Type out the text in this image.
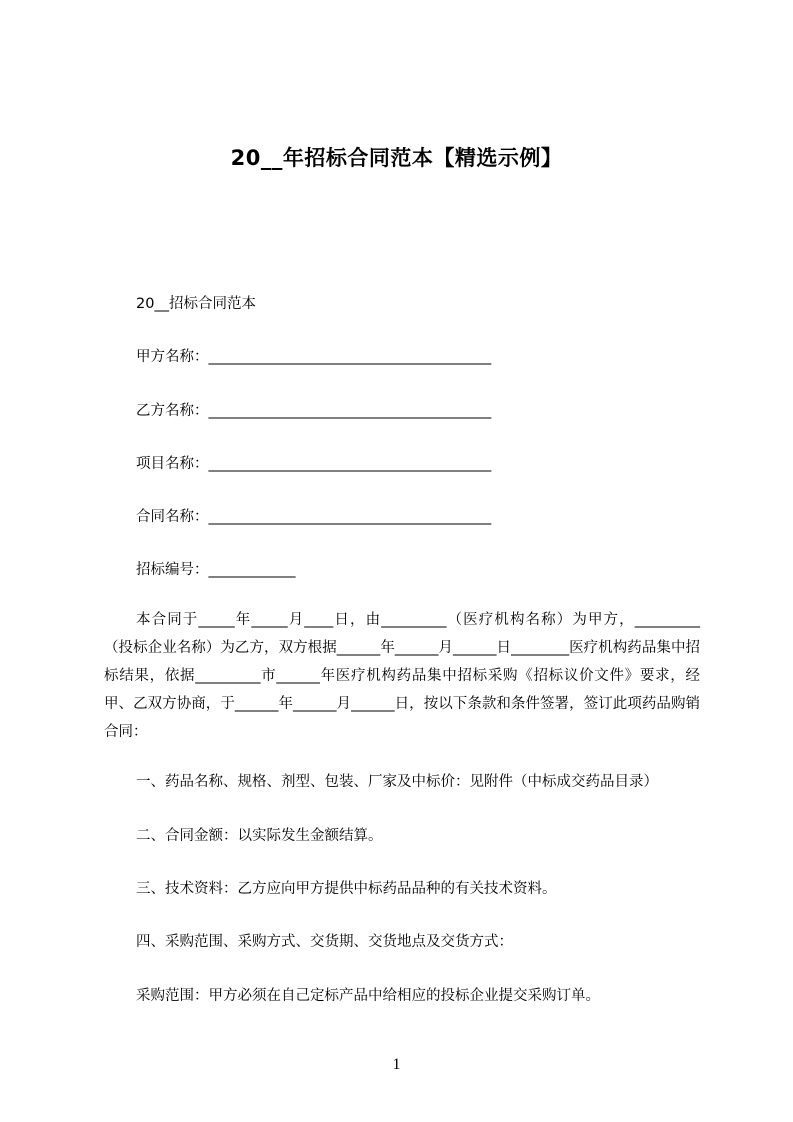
20__年招标合同范本【精选示例】
20__招标合同范本
甲方名称：_______________________________________
乙方名称：_______________________________________
项目名称：_______________________________________
合同名称：_______________________________________
招标编号：____________
本合同于_____年_____月____日，由_________（医疗机构名称）为甲方，_________（投标企业名称）为乙方，双方根据______年______月______日________医疗机构药品集中招标结果，依据_________市______年医疗机构药品集中招标采购《招标议价文件》要求，经甲、乙双方协商，于______年______月______日，按以下条款和条件签署，签订此项药品购销合同：
一、药品名称、规格、剂型、包装、厂家及中标价：见附件（中标成交药品目录）
二、合同金额：以实际发生金额结算。
三、技术资料：乙方应向甲方提供中标药品品种的有关技术资料。
四、采购范围、采购方式、交货期、交货地点及交货方式：
采购范围：甲方必须在自己定标产品中给相应的投标企业提交采购订单。
1
